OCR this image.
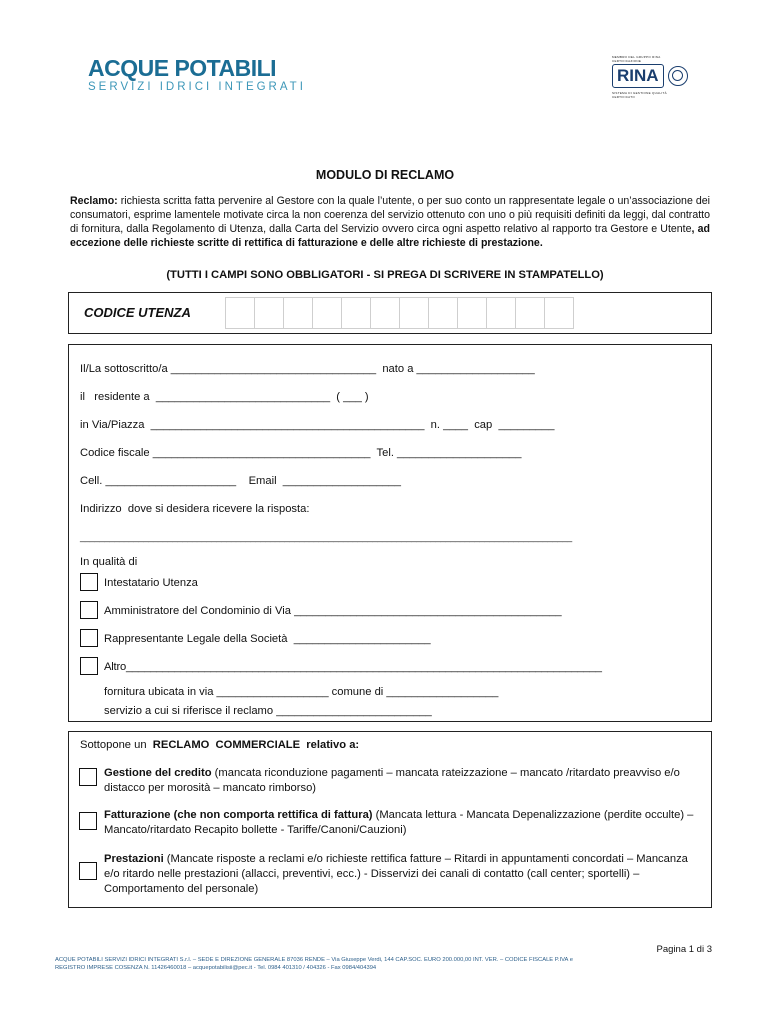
ACQUE POTABILI
SERVIZI IDRICI INTEGRATI
MEMBRO DEL GRUPPO RINA CERTIFICAZIONE
RINA
SISTEMA DI GESTIONE QUALITÀ CERTIFICATO
MODULO DI RECLAMO
Reclamo: richiesta scritta fatta pervenire al Gestore con la quale l’utente, o per suo conto un rappresentate legale o un’associazione dei consumatori, esprime lamentele motivate circa la non coerenza del servizio ottenuto con uno o più requisiti definiti da leggi, dal contratto di fornitura, dalla Regolamento di Utenza, dalla Carta del Servizio ovvero circa ogni aspetto relativo al rapporto tra Gestore e Utente, ad eccezione delle richieste scritte di rettifica di fatturazione e delle altre richieste di prestazione.
(TUTTI I CAMPI SONO OBBLIGATORI - SI PREGA DI SCRIVERE IN STAMPATELLO)
CODICE UTENZA
Il/La sottoscritto/a _________________________________  nato a ___________________
il   residente a  ____________________________  ( ___ )
in Via/Piazza  ____________________________________________  n. ____  cap  _________
Codice fiscale ___________________________________  Tel. ____________________
Cell. _____________________    Email  ___________________
Indirizzo  dove si desidera ricevere la risposta:
_____________________________________________________________________________________________________
In qualità di
Intestatario Utenza
Amministratore del Condominio di Via ___________________________________________
Rappresentante Legale della Società  ______________________
Altro_______________________________________________________________________________
fornitura ubicata in via __________________ comune di __________________
servizio a cui si riferisce il reclamo _________________________
Sottopone un  RECLAMO  COMMERCIALE  relativo a:
Gestione del credito (mancata riconduzione pagamenti – mancata rateizzazione – mancato /ritardato preavviso e/o distacco per morosità – mancato rimborso)
Fatturazione (che non comporta rettifica di fattura) (Mancata lettura - Mancata Depenalizzazione (perdite occulte) – Mancato/ritardato Recapito bollette - Tariffe/Canoni/Cauzioni)
Prestazioni (Mancate risposte a reclami e/o richieste rettifica fatture – Ritardi in appuntamenti concordati – Mancanza e/o ritardo nelle prestazioni (allacci, preventivi, ecc.) - Disservizi dei canali di contatto (call center; sportelli) – Comportamento del personale)
Pagina 1 di 3
ACQUE POTABILI SERVIZI IDRICI INTEGRATI S.r.l. – SEDE E DIREZIONE GENERALE 87036 RENDE – Via Giuseppe Verdi, 144 CAP.SOC. EURO 200.000,00 INT. VER. – CODICE FISCALE P.IVA e
REGISTRO IMPRESE COSENZA N. 11426460018 – acquepotabilisii@pec.it - Tel. 0984 401310 / 404326 - Fax 0984/404394
